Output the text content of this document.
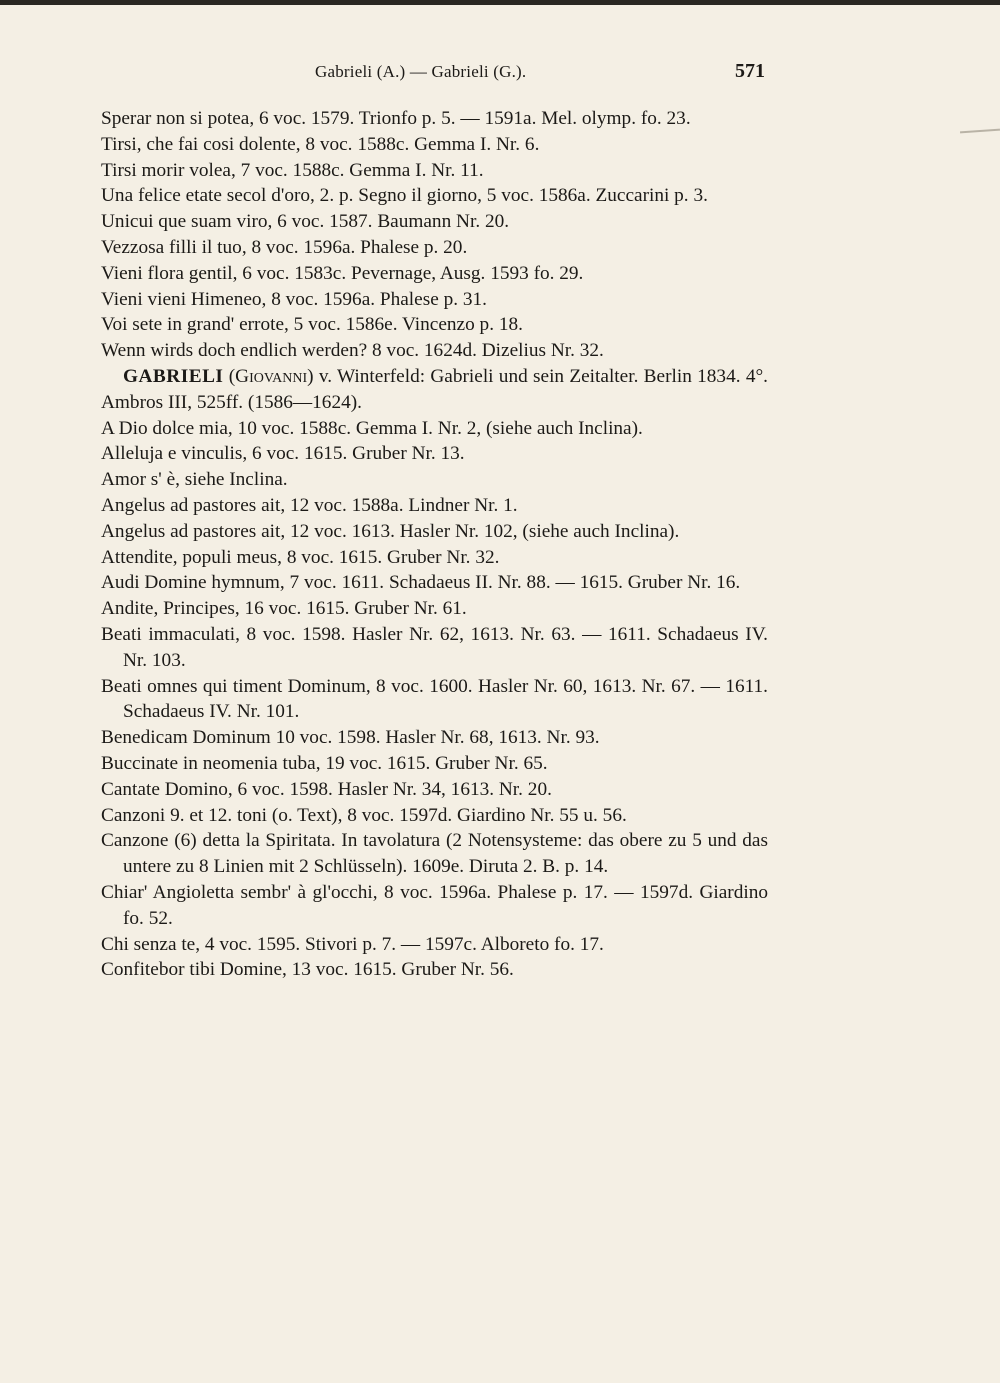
Gabrieli (A.) — Gabrieli (G.).	571
Sperar non si potea, 6 voc. 1579. Trionfo p. 5. — 1591a. Mel. olymp. fo. 23.
Tirsi, che fai cosi dolente, 8 voc. 1588c. Gemma I. Nr. 6.
Tirsi morir volea, 7 voc. 1588c. Gemma I. Nr. 11.
Una felice etate secol d'oro, 2. p. Segno il giorno, 5 voc. 1586a. Zuccarini p. 3.
Unicui que suam viro, 6 voc. 1587. Baumann Nr. 20.
Vezzosa filli il tuo, 8 voc. 1596a. Phalese p. 20.
Vieni flora gentil, 6 voc. 1583c. Pevernage, Ausg. 1593 fo. 29.
Vieni vieni Himeneo, 8 voc. 1596a. Phalese p. 31.
Voi sete in grand' errote, 5 voc. 1586e. Vincenzo p. 18.
Wenn wirds doch endlich werden? 8 voc. 1624d. Dizelius Nr. 32.
GABRIELI (Giovanni) v. Winterfeld: Gabrieli und sein Zeitalter. Berlin 1834. 4°. Ambros III, 525ff. (1586—1624).
A Dio dolce mia, 10 voc. 1588c. Gemma I. Nr. 2, (siehe auch Inclina).
Alleluja e vinculis, 6 voc. 1615. Gruber Nr. 13.
Amor s' è, siehe Inclina.
Angelus ad pastores ait, 12 voc. 1588a. Lindner Nr. 1.
Angelus ad pastores ait, 12 voc. 1613. Hasler Nr. 102, (siehe auch Inclina).
Attendite, populi meus, 8 voc. 1615. Gruber Nr. 32.
Audi Domine hymnum, 7 voc. 1611. Schadaeus II. Nr. 88. — 1615. Gruber Nr. 16.
Andite, Principes, 16 voc. 1615. Gruber Nr. 61.
Beati immaculati, 8 voc. 1598. Hasler Nr. 62, 1613. Nr. 63. — 1611. Schadaeus IV. Nr. 103.
Beati omnes qui timent Dominum, 8 voc. 1600. Hasler Nr. 60, 1613. Nr. 67. — 1611. Schadaeus IV. Nr. 101.
Benedicam Dominum 10 voc. 1598. Hasler Nr. 68, 1613. Nr. 93.
Buccinate in neomenia tuba, 19 voc. 1615. Gruber Nr. 65.
Cantate Domino, 6 voc. 1598. Hasler Nr. 34, 1613. Nr. 20.
Canzoni 9. et 12. toni (o. Text), 8 voc. 1597d. Giardino Nr. 55 u. 56.
Canzone (6) detta la Spiritata. In tavolatura (2 Notensysteme: das obere zu 5 und das untere zu 8 Linien mit 2 Schlüsseln). 1609e. Diruta 2. B. p. 14.
Chiar' Angioletta sembr' à gl'occhi, 8 voc. 1596a. Phalese p. 17. — 1597d. Giardino fo. 52.
Chi senza te, 4 voc. 1595. Stivori p. 7. — 1597c. Alboreto fo. 17.
Confitebor tibi Domine, 13 voc. 1615. Gruber Nr. 56.
